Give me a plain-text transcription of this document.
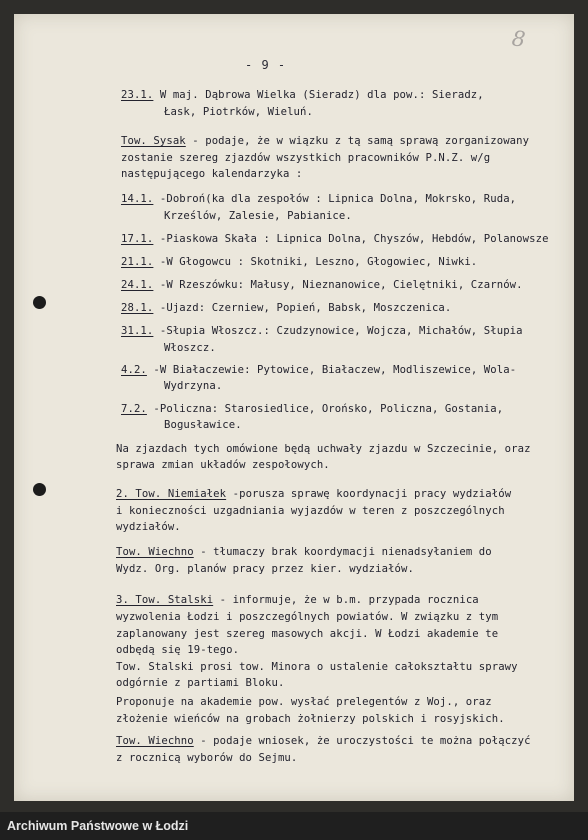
8
- 9 -
23.1. W maj. Dąbrowa Wielka (Sieradz) dla pow.: Sieradz,
Łask, Piotrków, Wieluń.
Tow. Sysak - podaje, że w wiązku z tą samą sprawą zorganizowany
zostanie szereg zjazdów wszystkich pracowników P.N.Z. w/g
następującego kalendarzyka :
14.1. -Dobroń(ka dla zespołów : Lipnica Dolna, Mokrsko, Ruda,
Krześlów, Zalesie, Pabianice.
17.1. -Piaskowa Skała : Lipnica Dolna, Chyszów, Hebdów, Polanowsze
21.1. -W Głogowcu : Skotniki, Leszno, Głogowiec, Niwki.
24.1. -W Rzeszówku: Małusy, Nieznanowice, Cielętniki, Czarnów.
28.1. -Ujazd: Czerniew, Popień, Babsk, Moszczenica.
31.1. -Słupia Włoszcz.: Czudzynowice, Wojcza, Michałów, Słupia
Włoszcz.
4.2. -W Białaczewie: Pytowice, Białaczew, Modliszewice, Wola-
Wydrzyna.
7.2. -Policzna: Starosiedlice, Orońsko, Policzna, Gostania,
Bogusławice.
Na zjazdach tych omówione będą uchwały zjazdu w Szczecinie, oraz
sprawa zmian układów zespołowych.
2. Tow. Niemiałek -porusza sprawę koordynacji pracy wydziałów
i konieczności uzgadniania wyjazdów w teren z poszczególnych
wydziałów.
Tow. Wiechno - tłumaczy brak koordymacji nienadsyłaniem do
Wydz. Org. planów pracy przez kier. wydziałów.
3. Tow. Stalski - informuje, że w b.m. przypada rocznica
wyzwolenia Łodzi i poszczególnych powiatów. W związku z tym
zaplanowany jest szereg masowych akcji. W Łodzi akademie te
odbędą się 19-tego.
Tow. Stalski prosi tow. Minora o ustalenie całokształtu sprawy
odgórnie z partiami Bloku.
Proponuje na akademie pow. wysłać prelegentów z Woj., oraz
złożenie wieńców na grobach żołnierzy polskich i rosyjskich.
Tow. Wiechno - podaje wniosek, że uroczystości te można połączyć
z rocznicą wyborów do Sejmu.
Archiwum Państwowe w Łodzi
